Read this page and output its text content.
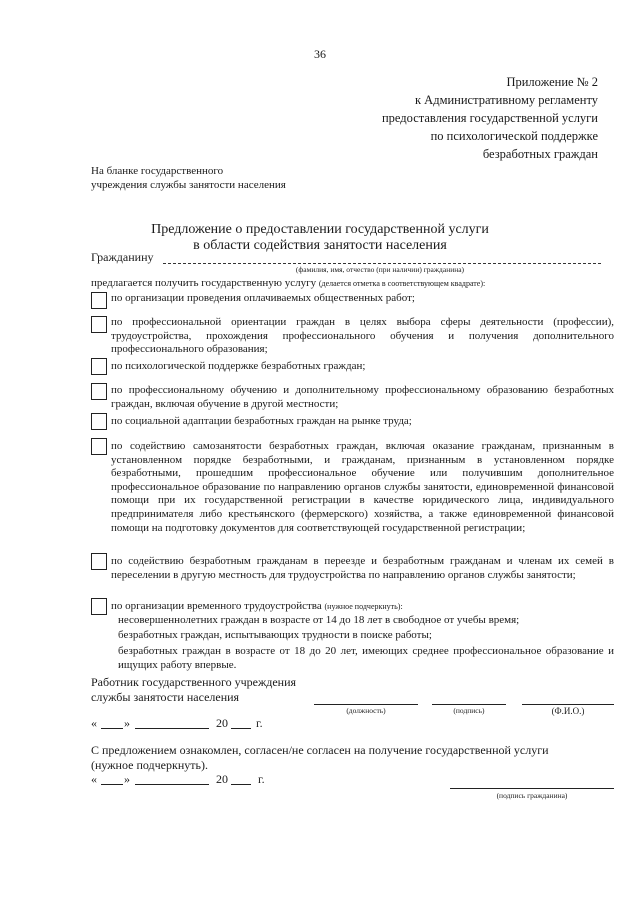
36
Приложение № 2
к Административному регламенту
предоставления государственной услуги
по психологической поддержке
безработных граждан
На бланке государственного
учреждения службы занятости населения
Предложение о предоставлении государственной услуги
в области содействия занятости населения
Гражданину
(фамилия, имя, отчество (при наличии) гражданина)
предлагается получить государственную услугу (делается отметка в соответствующем квадрате):
по организации проведения оплачиваемых общественных работ;
по профессиональной ориентации граждан в целях выбора сферы деятельности (профессии), трудоустройства, прохождения профессионального обучения и получения дополнительного профессионального образования;
по психологической поддержке безработных граждан;
по профессиональному обучению и дополнительному профессиональному образованию безработных граждан, включая обучение в другой местности;
по социальной адаптации безработных граждан на рынке труда;
по содействию самозанятости безработных граждан, включая оказание гражданам, признанным в установленном порядке безработными, и гражданам, признанным в установленном порядке безработными, прошедшим профессиональное обучение или получившим дополнительное профессиональное образование по направлению органов службы занятости, единовременной финансовой помощи при их государственной регистрации в качестве юридического лица, индивидуального предпринимателя либо крестьянского (фермерского) хозяйства, а также единовременной финансовой помощи на подготовку документов для соответствующей государственной регистрации;
по содействию безработным гражданам в переезде и безработным гражданам и членам их семей в переселении в другую местность для трудоустройства по направлению органов службы занятости;
по организации временного трудоустройства (нужное подчеркнуть):
несовершеннолетних граждан в возрасте от 14 до 18 лет в свободное от учебы время;
безработных граждан, испытывающих трудности в поиске работы;
безработных граждан в возрасте от 18 до 20 лет, имеющих среднее профессиональное образование и ищущих работу впервые.
Работник государственного учреждения
службы занятости населения
(должность)	(подпись)	(Ф.И.О.)
« »	20 г.
С предложением ознакомлен, согласен/не согласен на получение государственной услуги
(нужное подчеркнуть).
« »	20	г.
(подпись гражданина)
